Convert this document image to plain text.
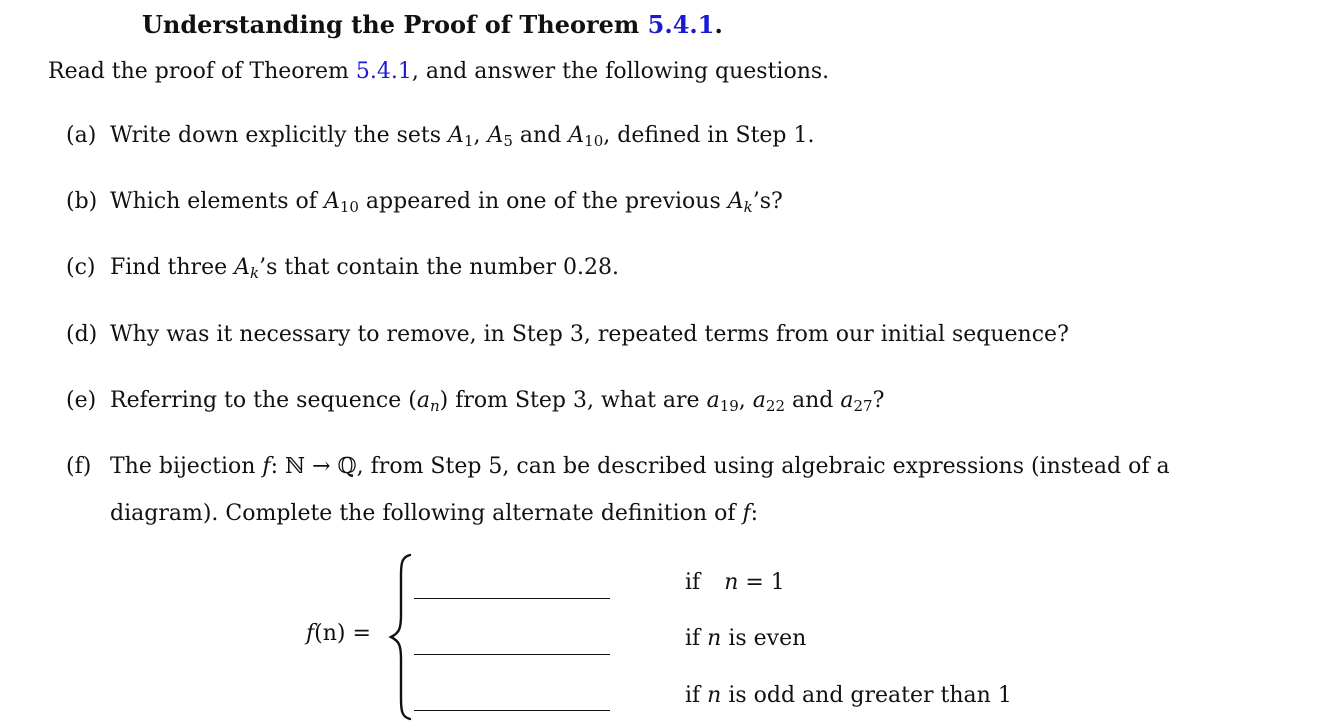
Understanding the Proof of Theorem 5.4.1.
Read the proof of Theorem 5.4.1, and answer the following questions.
(a) Write down explicitly the sets $A_1$, $A_5$ and $A_{10}$, defined in Step 1.
(b) Which elements of $A_{10}$ appeared in one of the previous $A_k’s$?
(c) Find three $A_k’s$ that contain the number 0.28.
(d) Why was it necessary to remove, in Step 3, repeated terms from our initial sequence?
(e) Referring to the sequence $(a_n)$ from Step 3, what are $a_{19}$, $a_{22}$ and $a_{27}$?
(f) The bijection f: ℕ → ℚ, from Step 5, can be described using algebraic expressions (instead of a
diagram). Complete the following alternate definition of f:
f(n) =
if n = 1
if n is even
if n is odd and greater than 1
